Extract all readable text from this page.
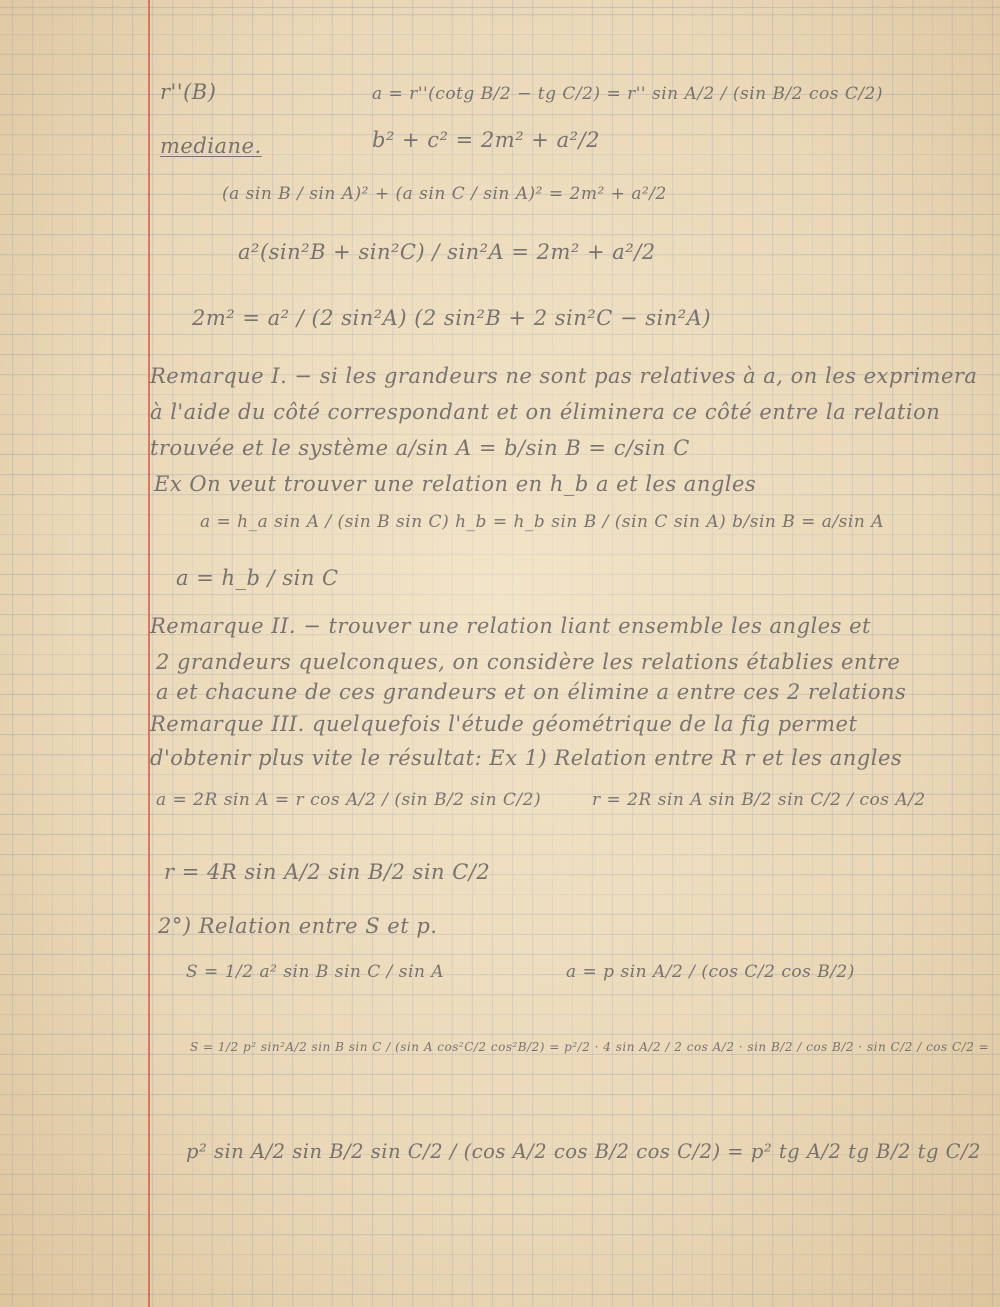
r''(B)	a = r''(cotg B/2 − tg C/2) = r'' sin A/2 / (sin B/2 cos C/2)
mediane.	b² + c² = 2m² + a²/2
(a sin B / sin A)² + (a sin C / sin A)² = 2m² + a²/2
a²(sin²B + sin²C) / sin²A = 2m² + a²/2
2m² = a² / (2 sin²A) (2 sin²B + 2 sin²C − sin²A)
Remarque I. − si les grandeurs ne sont pas relatives à a, on les exprimera
à l'aide du côté correspondant et on éliminera ce côté entre la relation
trouvée et le système a/sin A = b/sin B = c/sin C
Ex On veut trouver une relation en h_b a et les angles
a = h_a sin A / (sin B sin C) h_b = h_b sin B / (sin C sin A) b/sin B = a/sin A
a = h_b / sin C
Remarque II. − trouver une relation liant ensemble les angles et
2 grandeurs quelconques, on considère les relations établies entre
a et chacune de ces grandeurs et on élimine a entre ces 2 relations
Remarque III. quelquefois l'étude géométrique de la fig permet
d'obtenir plus vite le résultat: Ex 1) Relation entre R r et les angles
a = 2R sin A = r cos A/2 / (sin B/2 sin C/2)	r = 2R sin A sin B/2 sin C/2 / cos A/2
r = 4R sin A/2 sin B/2 sin C/2
2°) Relation entre S et p.
S = 1/2 a² sin B sin C / sin A	a = p sin A/2 / (cos C/2 cos B/2)
S = 1/2 p² sin²A/2 sin B sin C / (sin A cos²C/2 cos²B/2) = p²/2 · 4 sin A/2 / 2 cos A/2 · sin B/2 / cos B/2 · sin C/2 / cos C/2 =
p² sin A/2 sin B/2 sin C/2 / (cos A/2 cos B/2 cos C/2) = p² tg A/2 tg B/2 tg C/2
